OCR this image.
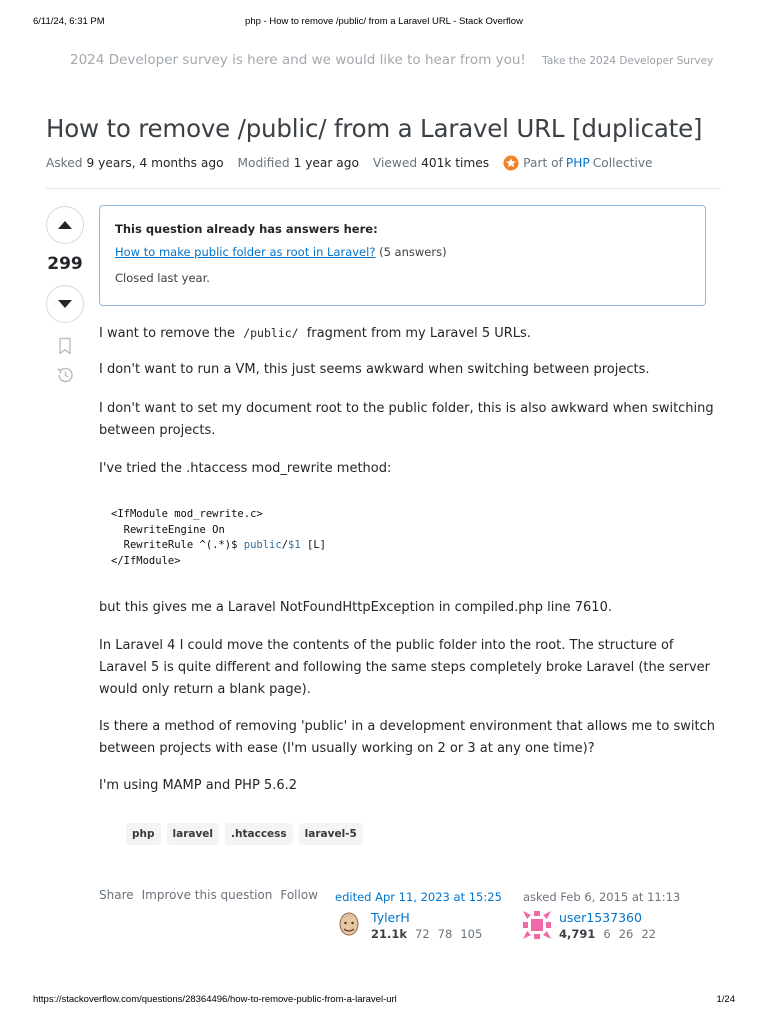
6/11/24, 6:31 PM	php - How to remove /public/ from a Laravel URL - Stack Overflow
2024 Developer survey is here and we would like to hear from you! Take the 2024 Developer Survey
How to remove /public/ from a Laravel URL [duplicate]
Asked 9 years, 4 months ago Modified 1 year ago Viewed 401k times	Part of PHP Collective
299
This question already has answers here:
How to make public folder as root in Laravel? (5 answers)
Closed last year.

I want to remove the /public/ fragment from my Laravel 5 URLs.

I don't want to run a VM, this just seems awkward when switching between projects.

I don't want to set my document root to the public folder, this is also awkward when switching between projects.

I've tried the .htaccess mod_rewrite method:

<IfModule mod_rewrite.c>
RewriteEngine On
RewriteRule ^(.*)$ public/$1 [L]
</IfModule>

but this gives me a Laravel NotFoundHttpException in compiled.php line 7610.

In Laravel 4 I could move the contents of the public folder into the root. The structure of Laravel 5 is quite different and following the same steps completely broke Laravel (the server would only return a blank page).

Is there a method of removing 'public' in a development environment that allows me to switch between projects with ease (I'm usually working on 2 or 3 at any one time)?

I'm using MAMP and PHP 5.6.2

php	laravel	.htaccess	laravel-5
Share Improve this question Follow edited Apr 11, 2023 at 15:25
TylerH
21.1k 72 78 105
asked Feb 6, 2015 at 11:13
user1537360
4,791 6 26 22
https://stackoverflow.com/questions/28364496/how-to-remove-public-from-a-laravel-url	1/24
